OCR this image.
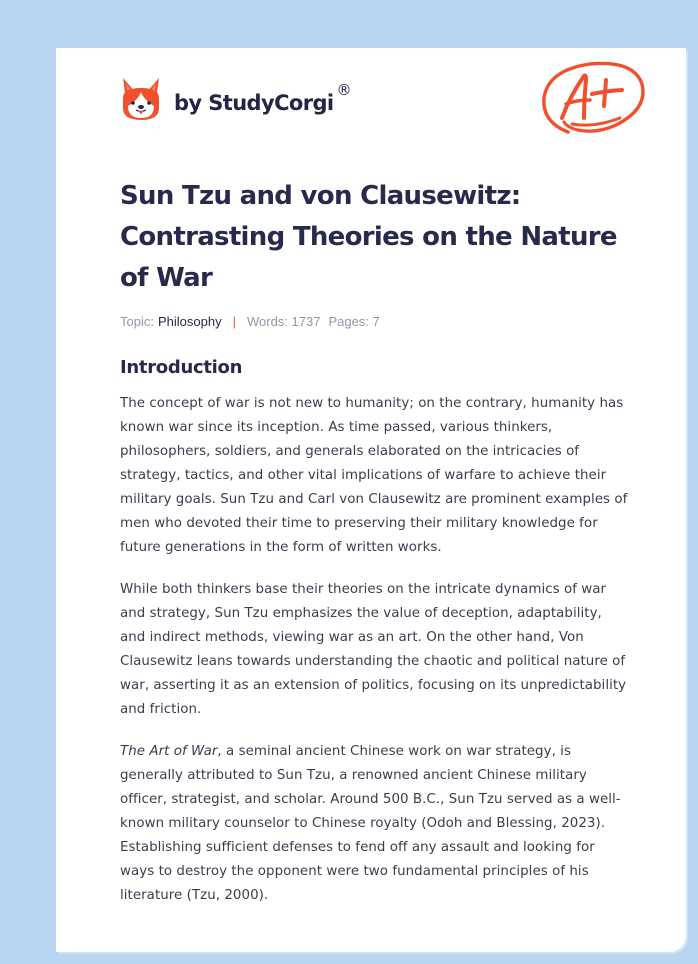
by StudyCorgi
®
Sun Tzu and von Clausewitz: Contrasting Theories on the Nature of War
Topic: Philosophy | Words: 1737 Pages: 7
Introduction

The concept of war is not new to humanity; on the contrary, humanity has known war since its inception. As time passed, various thinkers, philosophers, soldiers, and generals elaborated on the intricacies of strategy, tactics, and other vital implications of warfare to achieve their military goals. Sun Tzu and Carl von Clausewitz are prominent examples of men who devoted their time to preserving their military knowledge for future generations in the form of written works.

While both thinkers base their theories on the intricate dynamics of war and strategy, Sun Tzu emphasizes the value of deception, adaptability, and indirect methods, viewing war as an art. On the other hand, Von Clausewitz leans towards understanding the chaotic and political nature of war, asserting it as an extension of politics, focusing on its unpredictability and friction.

The Art of War, a seminal ancient Chinese work on war strategy, is generally attributed to Sun Tzu, a renowned ancient Chinese military officer, strategist, and scholar. Around 500 B.C., Sun Tzu served as a well-known military counselor to Chinese royalty (Odoh and Blessing, 2023). Establishing sufficient defenses to fend off any assault and looking for ways to destroy the opponent were two fundamental principles of his literature (Tzu, 2000).
